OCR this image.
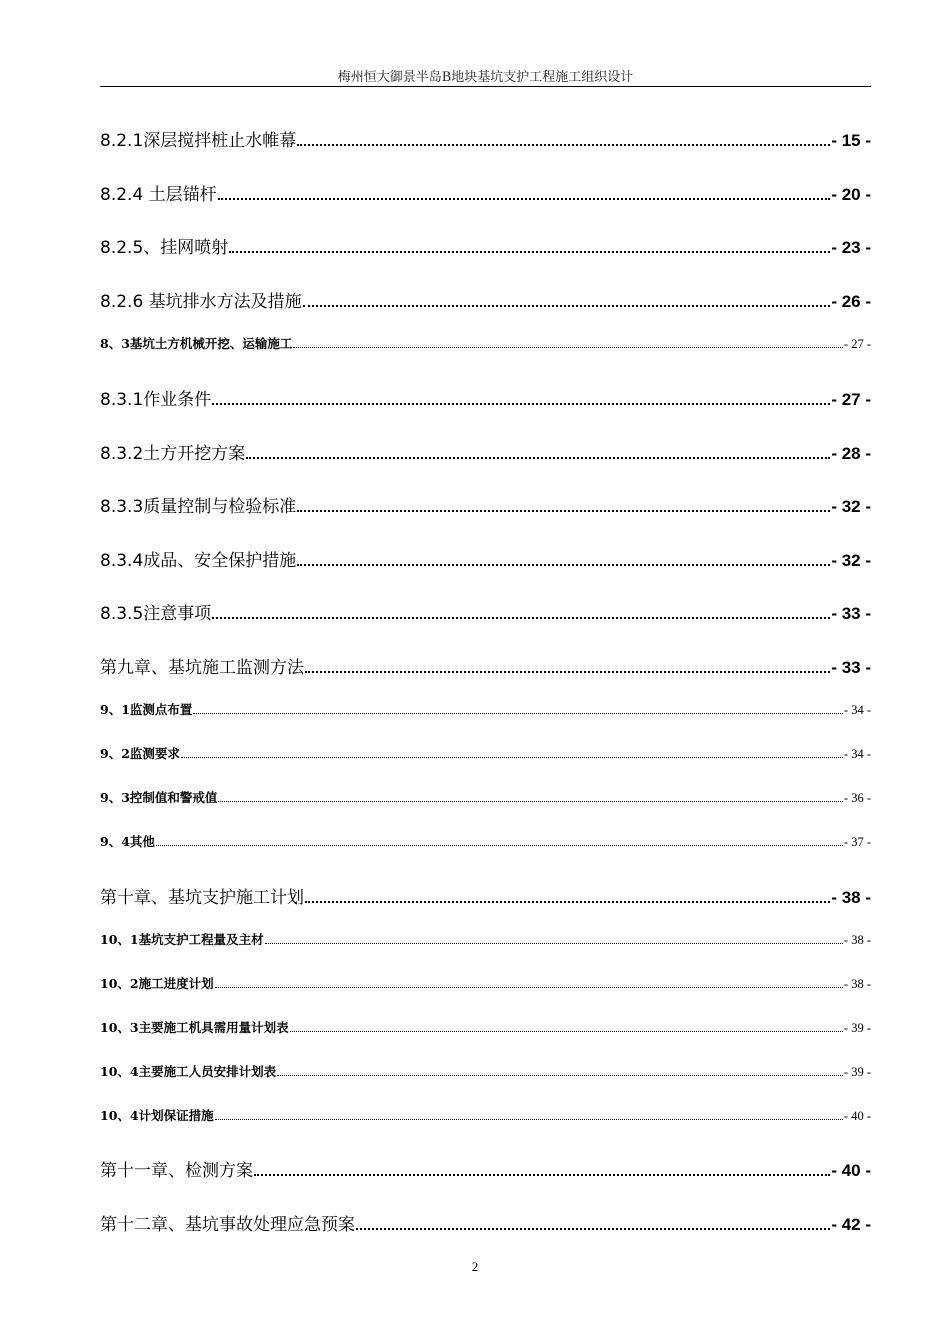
梅州恒大御景半岛B地块基坑支护工程施工组织设计
8.2.1深层搅拌桩止水帷幕	- 15 -
8.2.4 土层锚杆	- 20 -
8.2.5、挂网喷射	- 23 -
8.2.6 基坑排水方法及措施	- 26 -
8、3基坑土方机械开挖、运输施工	- 27 -
8.3.1作业条件	- 27 -
8.3.2土方开挖方案	- 28 -
8.3.3质量控制与检验标准	- 32 -
8.3.4成品、安全保护措施	- 32 -
8.3.5注意事项	- 33 -
第九章、基坑施工监测方法	- 33 -
9、1监测点布置	- 34 -
9、2监测要求	- 34 -
9、3控制值和警戒值	- 36 -
9、4其他	- 37 -
第十章、基坑支护施工计划	- 38 -
10、1基坑支护工程量及主材	- 38 -
10、2施工进度计划	- 38 -
10、3主要施工机具需用量计划表	- 39 -
10、4主要施工人员安排计划表	- 39 -
10、4计划保证措施	- 40 -
第十一章、检测方案	- 40 -
第十二章、基坑事故处理应急预案	- 42 -
2
